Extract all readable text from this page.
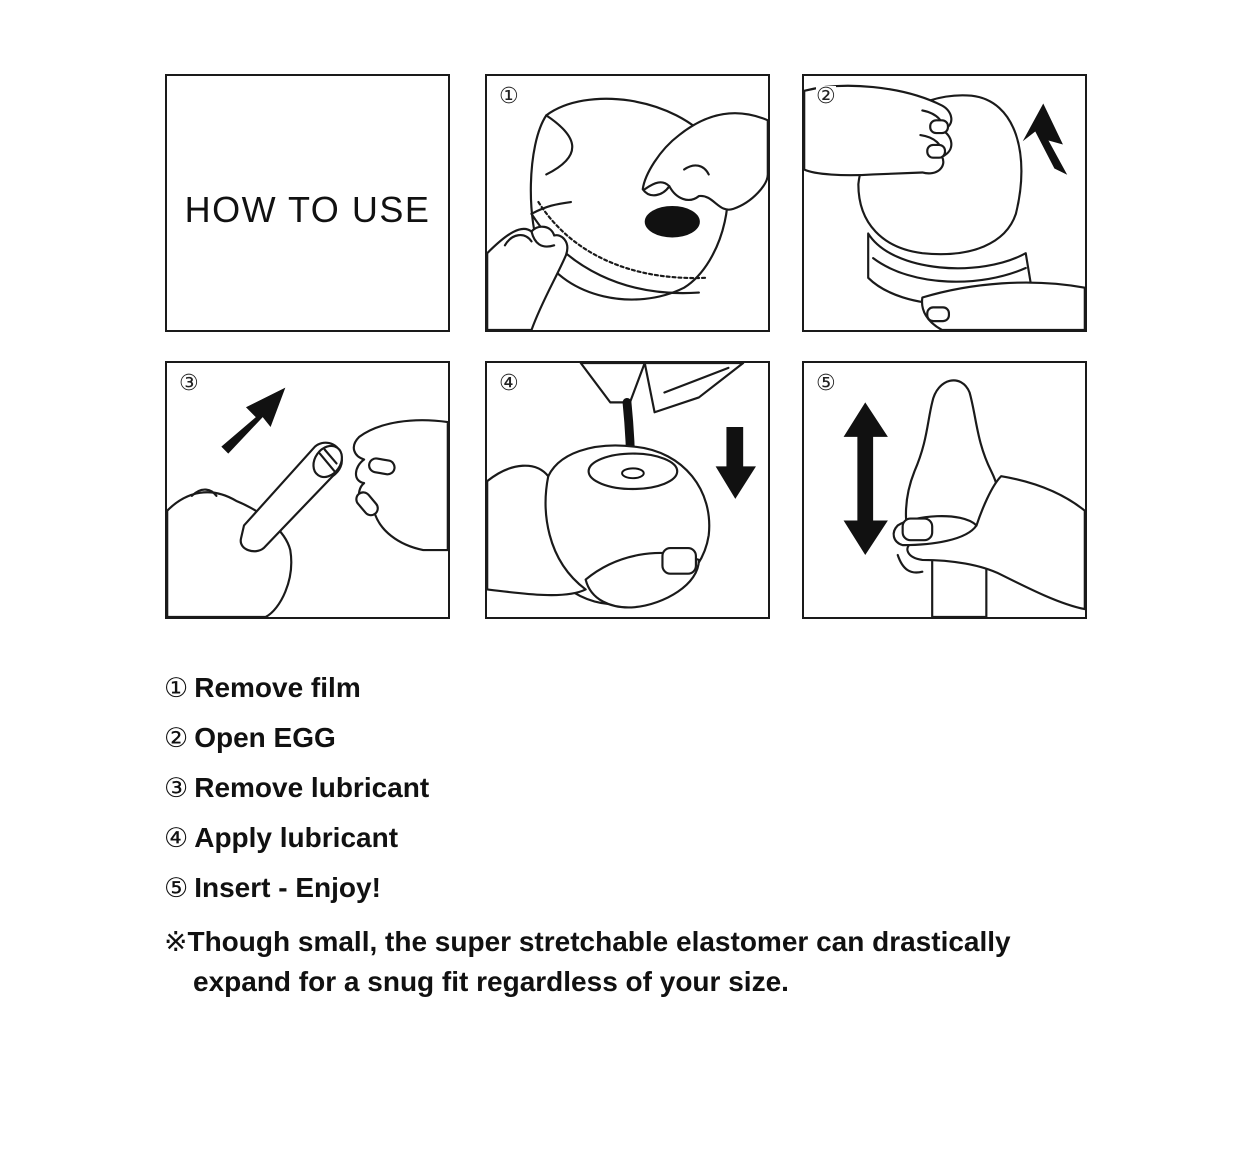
HOW TO USE
①	②
③	④	⑤
① Remove film
② Open EGG
③ Remove lubricant
④ Apply lubricant
⑤ Insert - Enjoy!
※Though small, the super stretchable elastomer can drastically
expand for a snug fit regardless of your size.
